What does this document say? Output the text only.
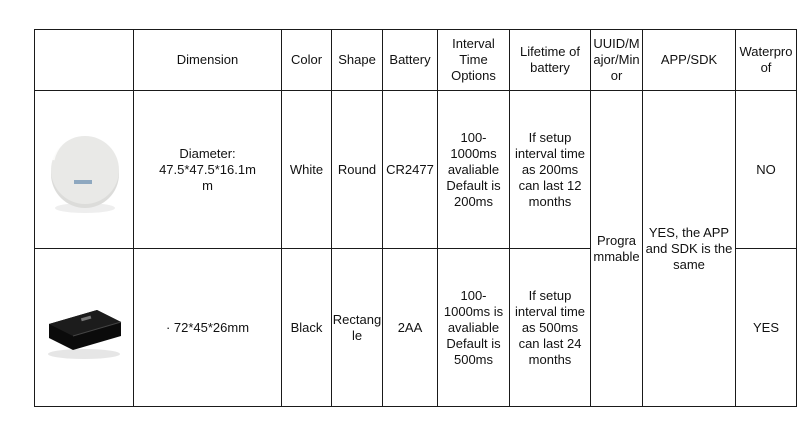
	Dimension	Color	Shape	Battery	Interval
Time
Options	Lifetime of
battery	UUID/M
ajor/Min
or	APP/SDK	Waterpro
of

	Diameter:
47.5*47.5*16.1m
m	White	Round	CR2477	100-
1000ms
avaliable
Default is
200ms	If setup
interval time
as 200ms
can last 12
months	Progra
mmable	YES, the APP
and SDK is the
same	NO

	· 72*45*26mm	Black	Rectang
le	2AA	100-
1000ms is
avaliable
Default is
500ms	If setup
interval time
as 500ms
can last 24
months			YES
